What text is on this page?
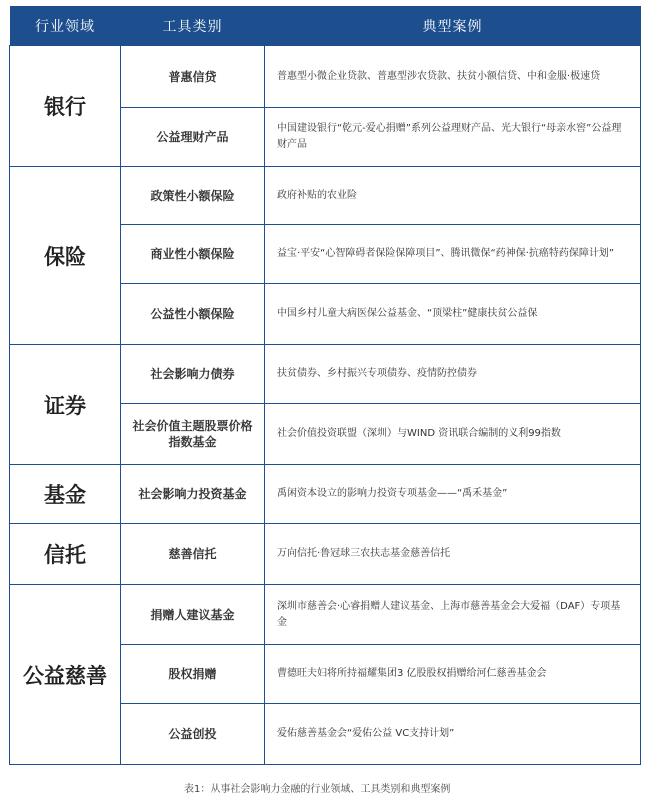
行业领域	工具类别	典型案例
银行	普惠信贷	普惠型小微企业贷款、普惠型涉农贷款、扶贫小额信贷、中和金服·极速贷
	公益理财产品	中国建设银行“乾元-爱心捐赠”系列公益理财产品、光大银行“母亲水窖”公益理财产品
保险	政策性小额保险	政府补贴的农业险
	商业性小额保险	益宝·平安“心智障碍者保险保障项目”、腾讯微保“药神保·抗癌特药保障计划”
	公益性小额保险	中国乡村儿童大病医保公益基金、“顶梁柱”健康扶贫公益保
证券	社会影响力债券	扶贫债券、乡村振兴专项债券、疫情防控债券
	社会价值主题股票价格指数基金	社会价值投资联盟（深圳）与WIND 资讯联合编制的义利99指数
基金	社会影响力投资基金	禹闲资本设立的影响力投资专项基金——“禹禾基金”
信托	慈善信托	万向信托·鲁冠球三农扶志基金慈善信托
公益慈善	捐赠人建议基金	深圳市慈善会·心睿捐赠人建议基金、上海市慈善基金会大爱福（DAF）专项基金
	股权捐赠	曹德旺夫妇将所持福耀集团3 亿股股权捐赠给河仁慈善基金会
	公益创投	爱佑慈善基金会“爱佑公益 VC支持计划”
表1：从事社会影响力金融的行业领域、工具类别和典型案例
